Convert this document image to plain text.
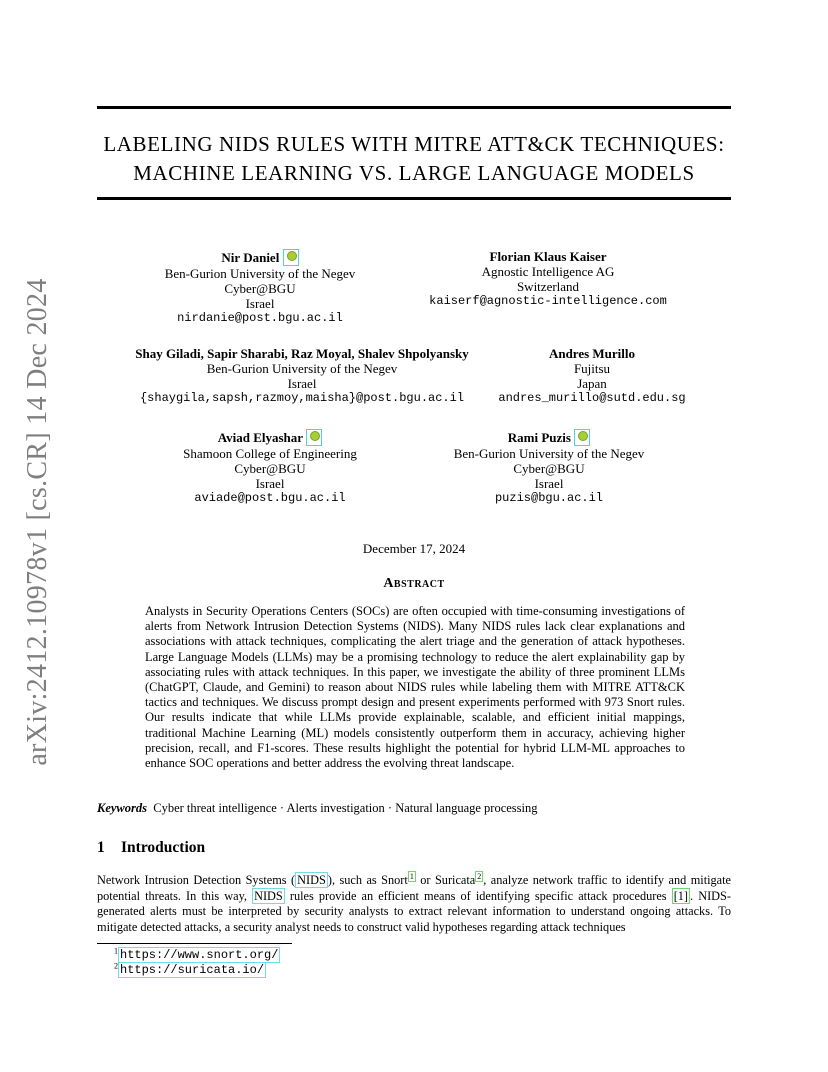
arXiv:2412.10978v1 [cs.CR] 14 Dec 2024
LABELING NIDS RULES WITH MITRE ATT&CK TECHNIQUES:
MACHINE LEARNING VS. LARGE LANGUAGE MODELS
Nir Daniel
Ben-Gurion University of the Negev
Cyber@BGU
Israel
nirdanie@post.bgu.ac.il
Florian Klaus Kaiser
Agnostic Intelligence AG
Switzerland
kaiserf@agnostic-intelligence.com
Shay Giladi, Sapir Sharabi, Raz Moyal, Shalev Shpolyansky
Ben-Gurion University of the Negev
Israel
{shaygila,sapsh,razmoy,maisha}@post.bgu.ac.il
Andres Murillo
Fujitsu
Japan
andres_murillo@sutd.edu.sg
Aviad Elyashar
Shamoon College of Engineering
Cyber@BGU
Israel
aviade@post.bgu.ac.il
Rami Puzis
Ben-Gurion University of the Negev
Cyber@BGU
Israel
puzis@bgu.ac.il
December 17, 2024
Abstract
Analysts in Security Operations Centers (SOCs) are often occupied with time-consuming investigations of alerts from Network Intrusion Detection Systems (NIDS). Many NIDS rules lack clear explanations and associations with attack techniques, complicating the alert triage and the generation of attack hypotheses. Large Language Models (LLMs) may be a promising technology to reduce the alert explainability gap by associating rules with attack techniques. In this paper, we investigate the ability of three prominent LLMs (ChatGPT, Claude, and Gemini) to reason about NIDS rules while labeling them with MITRE ATT&CK tactics and techniques. We discuss prompt design and present experiments performed with 973 Snort rules. Our results indicate that while LLMs provide explainable, scalable, and efficient initial mappings, traditional Machine Learning (ML) models consistently outperform them in accuracy, achieving higher precision, recall, and F1-scores. These results highlight the potential for hybrid LLM-ML approaches to enhance SOC operations and better address the evolving threat landscape.
Keywords Cyber threat intelligence · Alerts investigation · Natural language processing
1 Introduction
Network Intrusion Detection Systems ( NIDS ), such as Snort $^1$ or Suricata $^2$ , analyze network traffic to identify and mitigate potential threats. In this way, NIDS rules provide an efficient means of identifying specific attack procedures [1] . NIDS-generated alerts must be interpreted by security analysts to extract relevant information to understand ongoing attacks. To mitigate detected attacks, a security analyst needs to construct valid hypotheses regarding attack techniques
$^1$ https://www.snort.org/
$^2$ https://suricata.io/
